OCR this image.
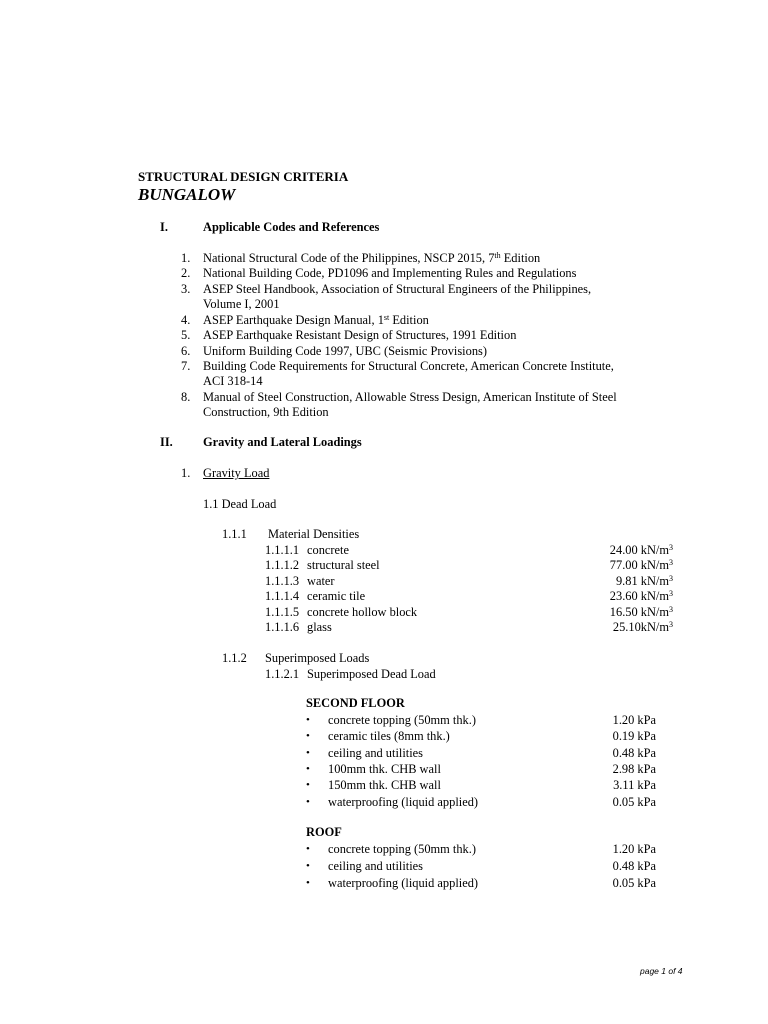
STRUCTURAL DESIGN CRITERIA
BUNGALOW
I.	Applicable Codes and References
1. National Structural Code of the Philippines, NSCP 2015, 7th Edition
2. National Building Code, PD1096 and Implementing Rules and Regulations
3. ASEP Steel Handbook, Association of Structural Engineers of the Philippines,
Volume I, 2001
4. ASEP Earthquake Design Manual, 1st Edition
5. ASEP Earthquake Resistant Design of Structures, 1991 Edition
6. Uniform Building Code 1997, UBC (Seismic Provisions)
7. Building Code Requirements for Structural Concrete, American Concrete Institute,
ACI 318-14
8. Manual of Steel Construction, Allowable Stress Design, American Institute of Steel
Construction, 9th Edition
II. Gravity and Lateral Loadings
1. Gravity Load
1.1 Dead Load
1.1.1 Material Densities
1.1.1.1 concrete	24.00 $kN/m^3$
1.1.1.2 structural steel	77.00 $kN/m^3$
1.1.1.3 water	9.81 $kN/m^3$
1.1.1.4 ceramic tile	23.60 $kN/m^3$
1.1.1.5 concrete hollow block	16.50 $kN/m^3$
1.1.1.6 glass	$25.10kN/m^3$
1.1.2 Superimposed Loads
1.1.2.1 Superimposed Dead Load
SECOND FLOOR
• concrete topping (50mm thk.)	1.20 kPa
• ceramic tiles (8mm thk.)	0.19 kPa
• ceiling and utilities	0.48 kPa
• 100mm thk. CHB wall	2.98 kPa
• 150mm thk. CHB wall	3.11 kPa
• waterproofing (liquid applied)	0.05 kPa
ROOF
• concrete topping (50mm thk.)	1.20 kPa
• ceiling and utilities	0.48 kPa
• waterproofing (liquid applied)	0.05 kPa
page 1 of 4
